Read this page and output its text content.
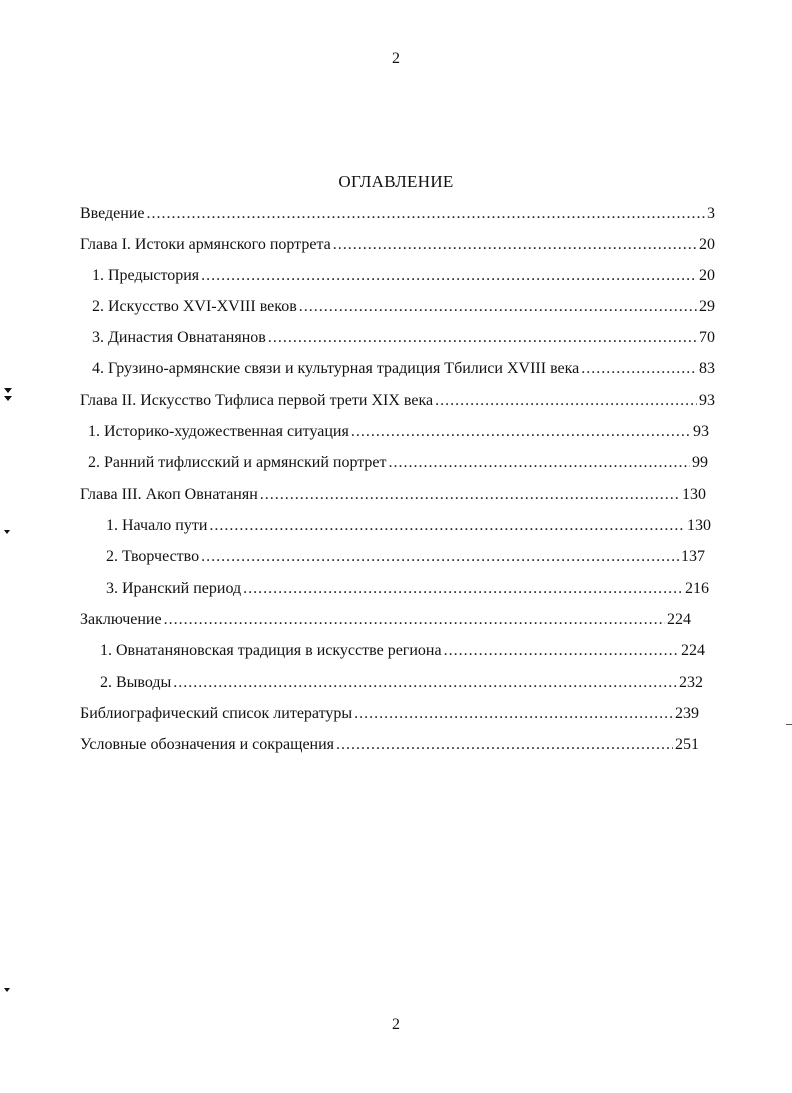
2
ОГЛАВЛЕНИЕ
Введение .....	3
Глава I. Истоки армянского портрета .....	20
1. Предыстория .....	20
2. Искусство XVI-XVIII веков .....	29
3. Династия Овнатанянов .....	70
4. Грузино-армянские связи и культурная традиция Тбилиси XVIII века .....	83
Глава II. Искусство Тифлиса первой трети XIX века .....	93
1. Историко-художественная ситуация .....	93
2. Ранний тифлисский и армянский портрет .....	99
Глава III. Акоп Овнатанян .....	130
1. Начало пути .....	130
2. Творчество .....	137
3. Иранский период .....	216
Заключение .....	224
1. Овнатаняновская традиция в искусстве региона .....	224
2. Выводы .....	232
Библиографический список литературы .....	239
Условные обозначения и сокращения .....	251
2
